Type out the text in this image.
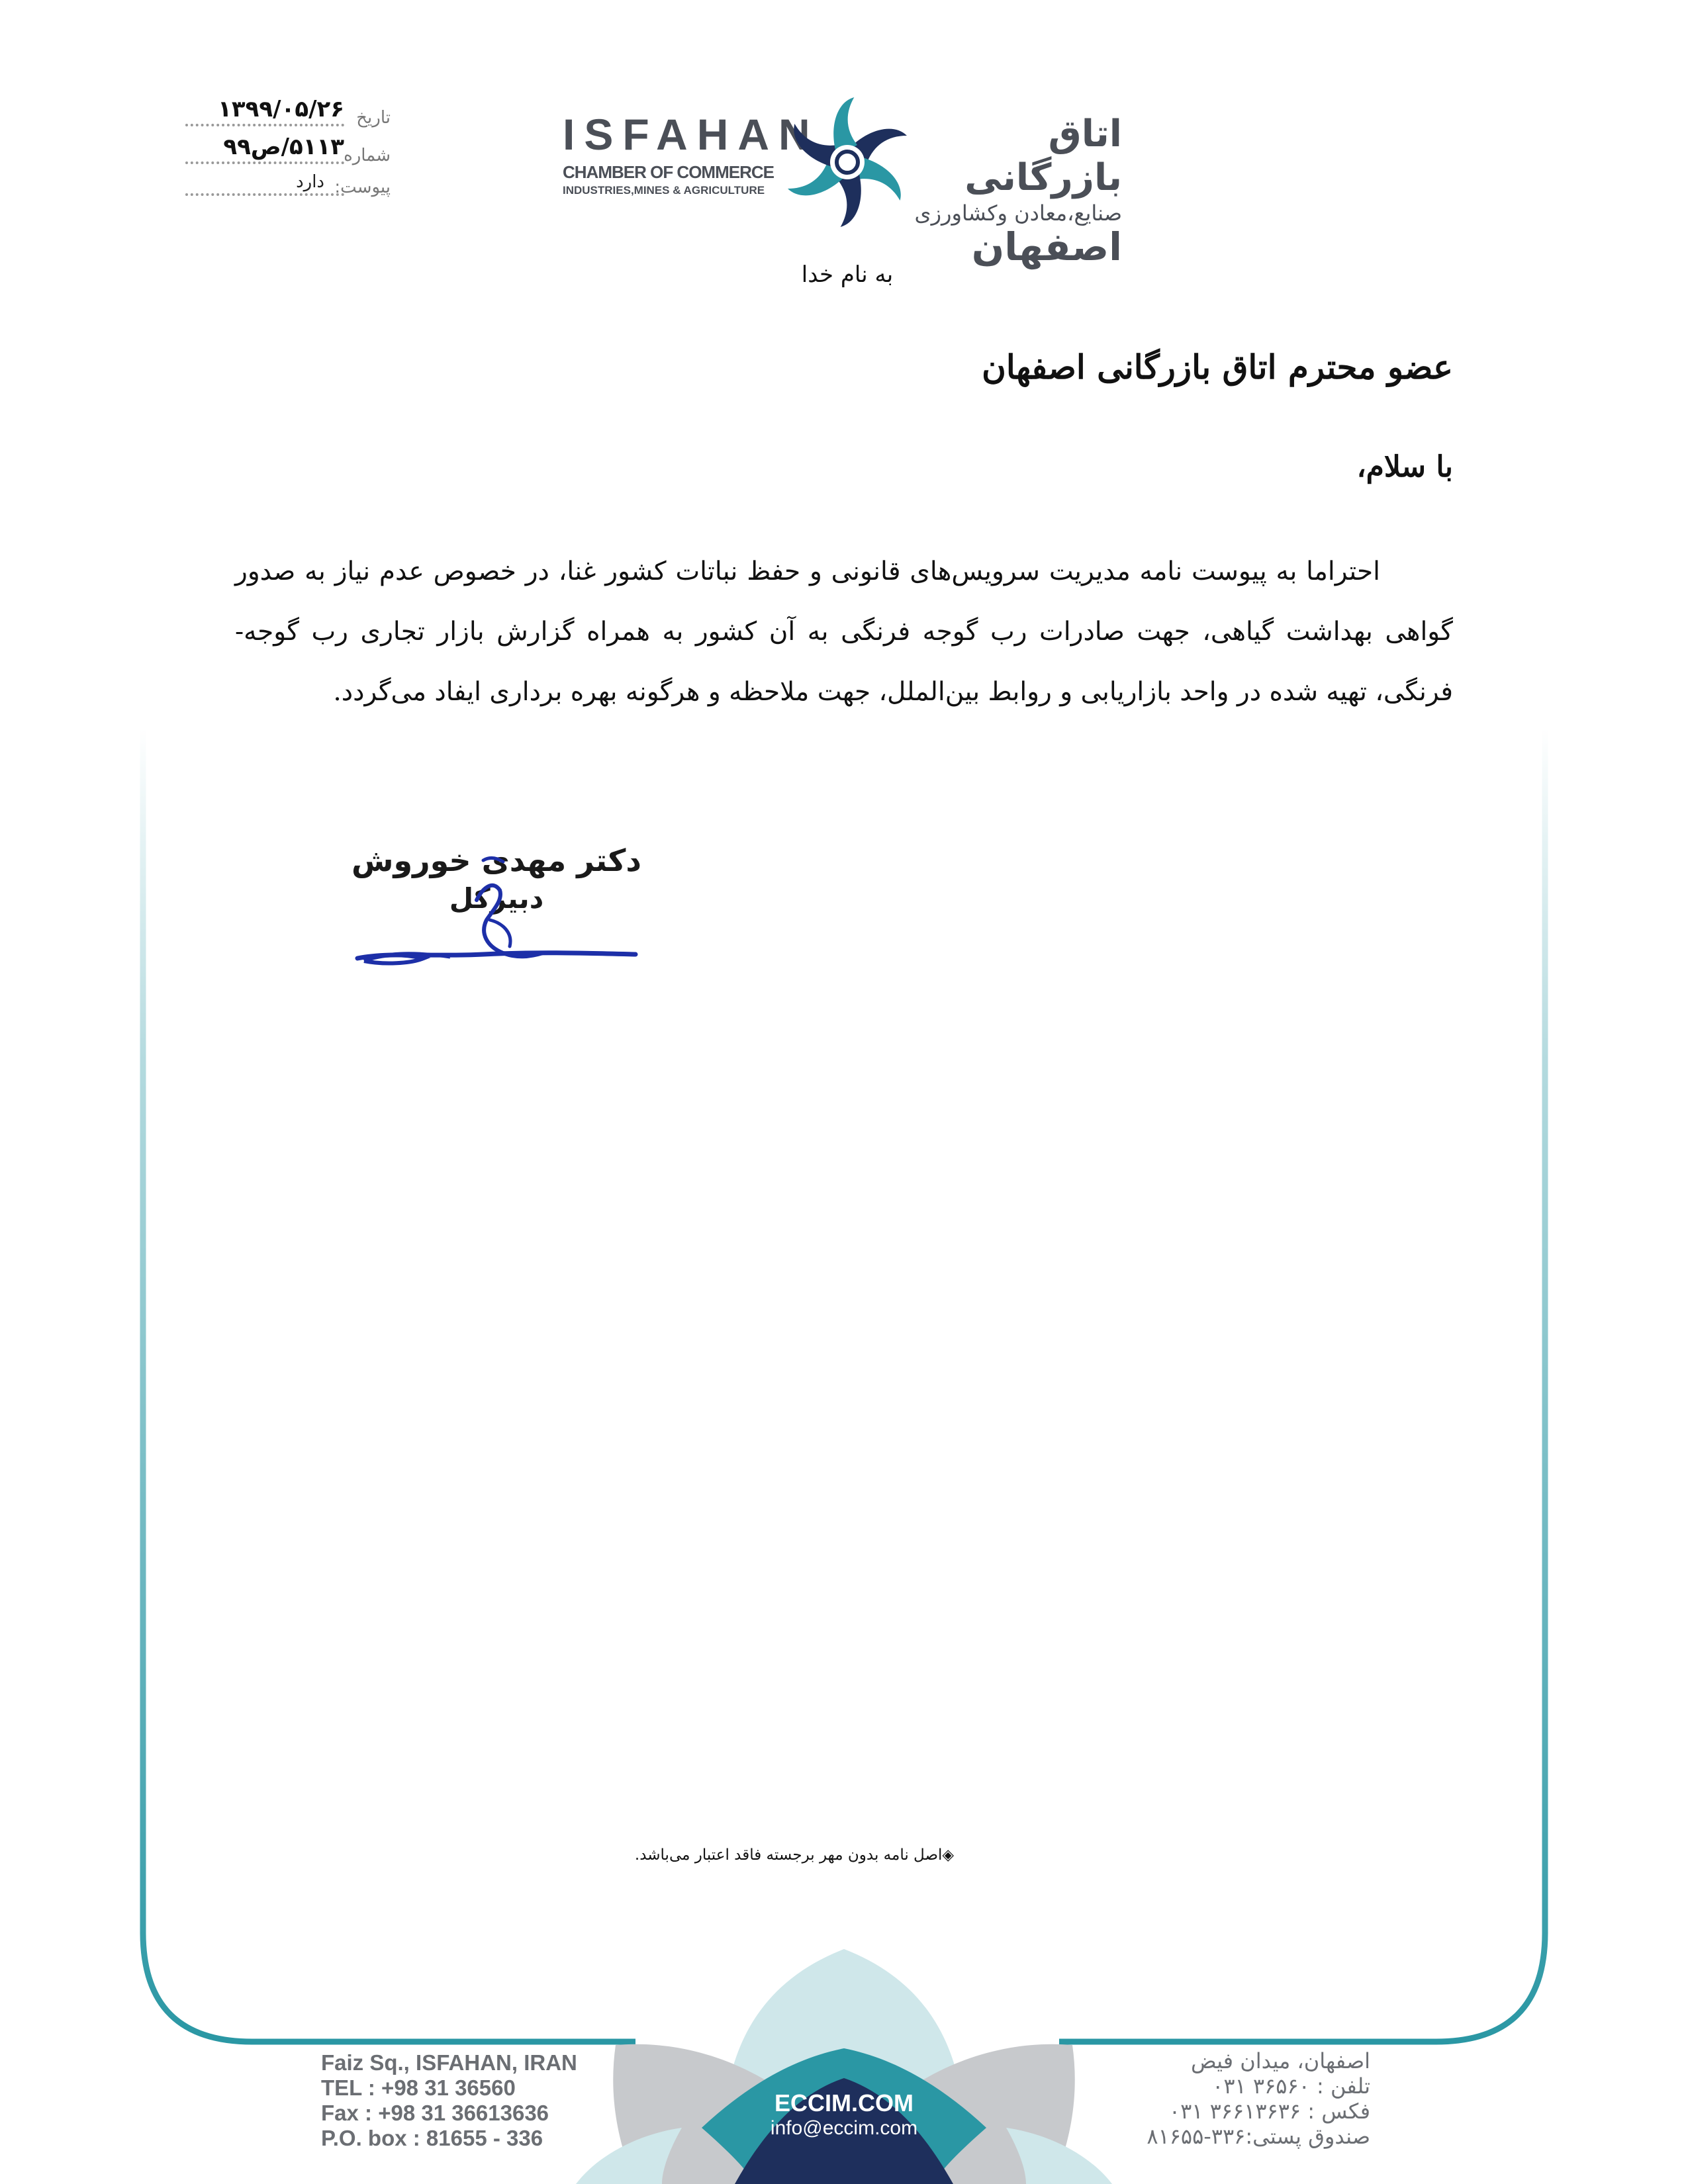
۱۳۹۹/۰۵/۲۶ تاریخ
۵۱۱۳/ص۹۹ شماره
دارد پیوست:
ISFAHAN
CHAMBER OF COMMERCE
INDUSTRIES,MINES & AGRICULTURE
اتاق بازرگانی
صنایع،معادن وکشاورزی
اصفهان
به نام خدا
عضو محترم اتاق بازرگانی اصفهان
با سلام،
احتراما به پیوست نامه مدیریت سرویس‌های قانونی و حفظ نباتات کشور غنا، در خصوص عدم نیاز به صدور گواهی بهداشت گیاهی، جهت صادرات رب گوجه فرنگی به آن کشور به همراه گزارش بازار تجاری رب گوجه-فرنگی، تهیه شده در واحد بازاریابی و روابط بین‌الملل، جهت ملاحظه و هرگونه بهره برداری ایفاد می‌گردد.
دکتر مهدی خوروش
دبیرکل
◈اصل نامه بدون مهر برجسته فاقد اعتبار می‌باشد.
Faiz Sq., ISFAHAN, IRAN
TEL : +98 31 36560
Fax : +98 31 36613636
P.O. box : 81655 - 336
ECCIM.COM
info@eccim.com
اصفهان، میدان فیض
تلفن : ۳۶۵۶۰ ۰۳۱
فکس : ۳۶۶۱۳۶۳۶ ۰۳۱
صندوق پستی:۳۳۶-۸۱۶۵۵
